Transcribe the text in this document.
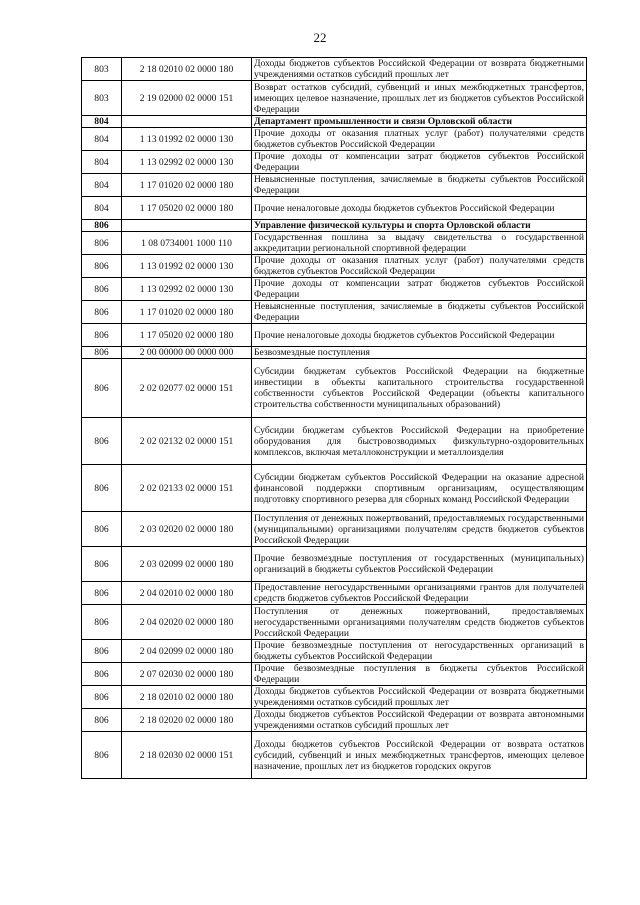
22
803	2 18 02010 02 0000 180	Доходы бюджетов субъектов Российской Федерации от возврата бюджетными учреждениями остатков субсидий прошлых лет
803	2 19 02000 02 0000 151	Возврат остатков субсидий, субвенций и иных межбюджетных трансфертов, имеющих целевое назначение, прошлых лет из бюджетов субъектов Российской Федерации
804		Департамент промышленности и связи Орловской области
804	1 13 01992 02 0000 130	Прочие доходы от оказания платных услуг (работ) получателями средств бюджетов субъектов Российской Федерации
804	1 13 02992 02 0000 130	Прочие доходы от компенсации затрат бюджетов субъектов Российской Федерации
804	1 17 01020 02 0000 180	Невыясненные поступления, зачисляемые в бюджеты субъектов Российской Федерации
804	1 17 05020 02 0000 180	Прочие неналоговые доходы бюджетов субъектов Российской Федерации
806		Управление физической культуры и спорта Орловской области
806	1 08 0734001 1000 110	Государственная пошлина за выдачу свидетельства о государственной аккредитации региональной спортивной федерации
806	1 13 01992 02 0000 130	Прочие доходы от оказания платных услуг (работ) получателями средств бюджетов субъектов Российской Федерации
806	1 13 02992 02 0000 130	Прочие доходы от компенсации затрат бюджетов субъектов Российской Федерации
806	1 17 01020 02 0000 180	Невыясненные поступления, зачисляемые в бюджеты субъектов Российской Федерации
806	1 17 05020 02 0000 180	Прочие неналоговые доходы бюджетов субъектов Российской Федерации
806	2 00 00000 00 0000 000	Безвозмездные поступления
806	2 02 02077 02 0000 151	Субсидии бюджетам субъектов Российской Федерации на бюджетные инвестиции в объекты капитального строительства государственной собственности субъектов Российской Федерации (объекты капитального строительства собственности муниципальных образований)
806	2 02 02132 02 0000 151	Субсидии бюджетам субъектов Российской Федерации на приобретение оборудования для быстровозводимых физкультурно-оздоровительных комплексов, включая металлоконструкции и металлоизделия
806	2 02 02133 02 0000 151	Субсидии бюджетам субъектов Российской Федерации на оказание адресной финансовой поддержки спортивным организациям, осуществляющим подготовку спортивного резерва для сборных команд Российской Федерации
806	2 03 02020 02 0000 180	Поступления от денежных пожертвований, предоставляемых государственными (муниципальными) организациями получателям средств бюджетов субъектов Российской Федерации
806	2 03 02099 02 0000 180	Прочие безвозмездные поступления от государственных (муниципальных) организаций в бюджеты субъектов Российской Федерации
806	2 04 02010 02 0000 180	Предоставление негосударственными организациями грантов для получателей средств бюджетов субъектов Российской Федерации
806	2 04 02020 02 0000 180	Поступления от денежных пожертвований, предоставляемых негосударственными организациями получателям средств бюджетов субъектов Российской Федерации
806	2 04 02099 02 0000 180	Прочие безвозмездные поступления от негосударственных организаций в бюджеты субъектов Российской Федерации
806	2 07 02030 02 0000 180	Прочие безвозмездные поступления в бюджеты субъектов Российской Федерации
806	2 18 02010 02 0000 180	Доходы бюджетов субъектов Российской Федерации от возврата бюджетными учреждениями остатков субсидий прошлых лет
806	2 18 02020 02 0000 180	Доходы бюджетов субъектов Российской Федерации от возврата автономными учреждениями остатков субсидий прошлых лет
806	2 18 02030 02 0000 151	Доходы бюджетов субъектов Российской Федерации от возврата остатков субсидий, субвенций и иных межбюджетных трансфертов, имеющих целевое назначение, прошлых лет из бюджетов городских округов
